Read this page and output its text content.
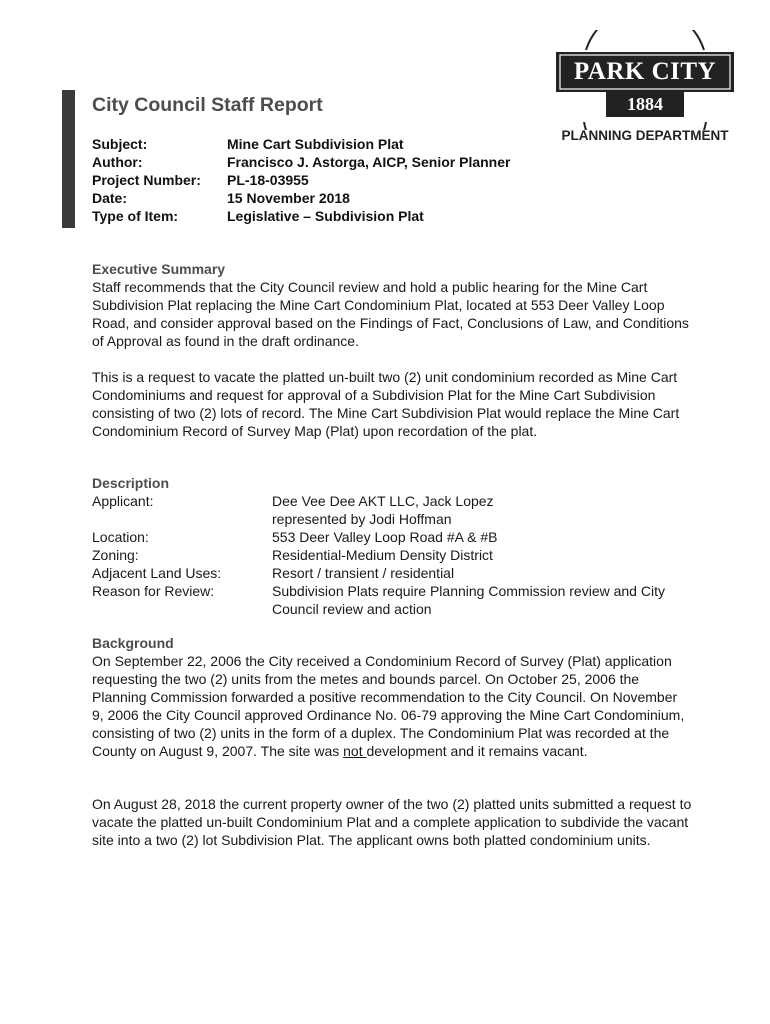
City Council Staff Report
PARK CITY
1884
PLANNING DEPARTMENT
Subject:	Mine Cart Subdivision Plat
Author:	Francisco J. Astorga, AICP, Senior Planner
Project Number:	PL-18-03955
Date:	15 November 2018
Type of Item:	Legislative – Subdivision Plat
Executive Summary

Staff recommends that the City Council review and hold a public hearing for the Mine Cart Subdivision Plat replacing the Mine Cart Condominium Plat, located at 553 Deer Valley Loop Road, and consider approval based on the Findings of Fact, Conclusions of Law, and Conditions of Approval as found in the draft ordinance.

This is a request to vacate the platted un-built two (2) unit condominium recorded as Mine Cart Condominiums and request for approval of a Subdivision Plat for the Mine Cart Subdivision consisting of two (2) lots of record. The Mine Cart Subdivision Plat would replace the Mine Cart Condominium Record of Survey Map (Plat) upon recordation of the plat.

Description
Applicant:	Dee Vee Dee AKT LLC, Jack Lopez
represented by Jodi Hoffman
Location:	553 Deer Valley Loop Road #A & #B
Zoning:	Residential-Medium Density District
Adjacent Land Uses:	Resort / transient / residential
Reason for Review:	Subdivision Plats require Planning Commission review and City Council review and action
Background

On September 22, 2006 the City received a Condominium Record of Survey (Plat) application requesting the two (2) units from the metes and bounds parcel. On October 25, 2006 the Planning Commission forwarded a positive recommendation to the City Council. On November 9, 2006 the City Council approved Ordinance No. 06-79 approving the Mine Cart Condominium, consisting of two (2) units in the form of a duplex. The Condominium Plat was recorded at the County on August 9, 2007. The site was not development and it remains vacant.

On August 28, 2018 the current property owner of the two (2) platted units submitted a request to vacate the platted un-built Condominium Plat and a complete application to subdivide the vacant site into a two (2) lot Subdivision Plat. The applicant owns both platted condominium units.
